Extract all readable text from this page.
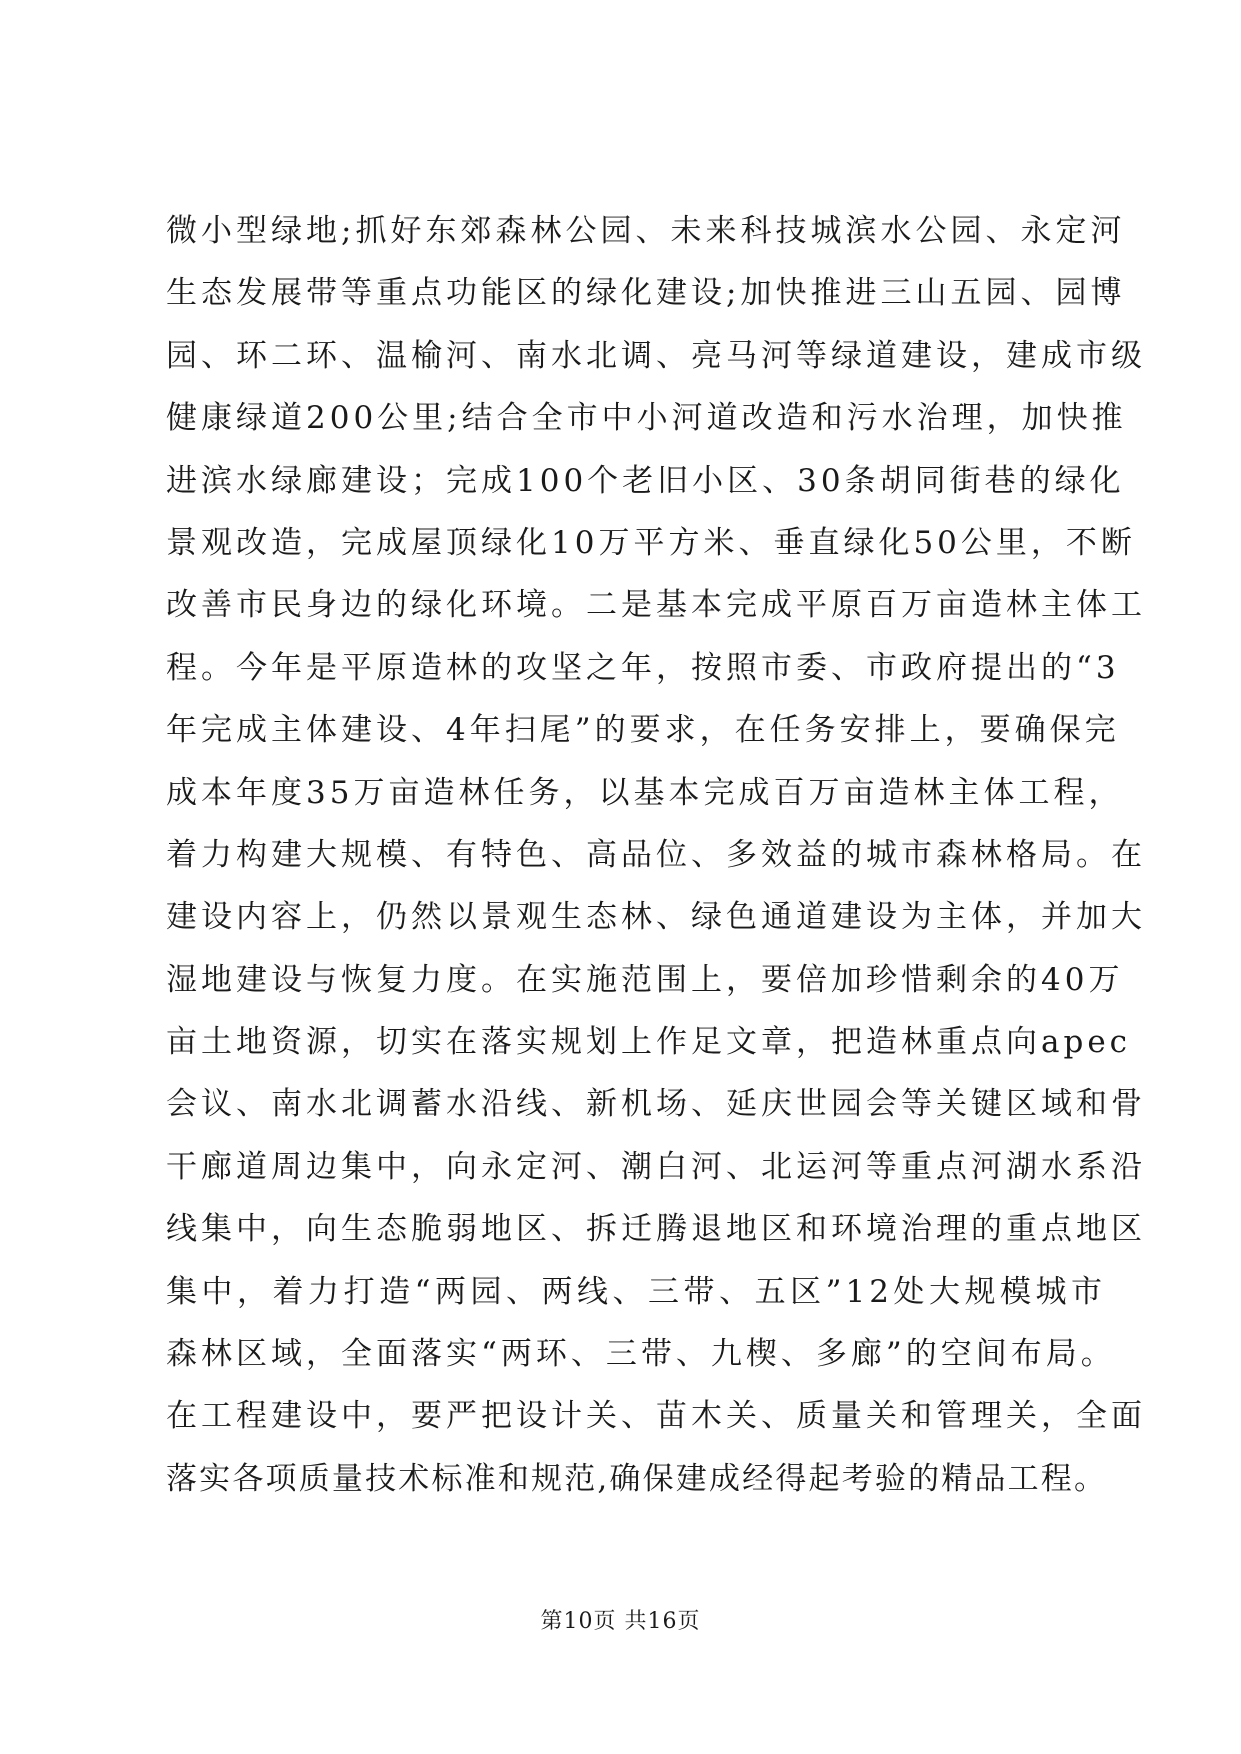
微小型绿地;抓好东郊森林公园、未来科技城滨水公园、永定河
生态发展带等重点功能区的绿化建设;加快推进三山五园、园博
园、环二环、温榆河、南水北调、亮马河等绿道建设，建成市级
健康绿道200公里;结合全市中小河道改造和污水治理，加快推
进滨水绿廊建设；完成100个老旧小区、30条胡同街巷的绿化
景观改造，完成屋顶绿化10万平方米、垂直绿化50公里，不断
改善市民身边的绿化环境。二是基本完成平原百万亩造林主体工
程。今年是平原造林的攻坚之年，按照市委、市政府提出的“3
年完成主体建设、4年扫尾”的要求，在任务安排上，要确保完
成本年度35万亩造林任务，以基本完成百万亩造林主体工程，
着力构建大规模、有特色、高品位、多效益的城市森林格局。在
建设内容上，仍然以景观生态林、绿色通道建设为主体，并加大
湿地建设与恢复力度。在实施范围上，要倍加珍惜剩余的40万
亩土地资源，切实在落实规划上作足文章，把造林重点向apec
会议、南水北调蓄水沿线、新机场、延庆世园会等关键区域和骨
干廊道周边集中，向永定河、潮白河、北运河等重点河湖水系沿
线集中，向生态脆弱地区、拆迁腾退地区和环境治理的重点地区
集中，着力打造“两园、两线、三带、五区”12处大规模城市
森林区域，全面落实“两环、三带、九楔、多廊”的空间布局。
在工程建设中，要严把设计关、苗木关、质量关和管理关，全面
落实各项质量技术标准和规范,确保建成经得起考验的精品工程。
第10页 共16页
